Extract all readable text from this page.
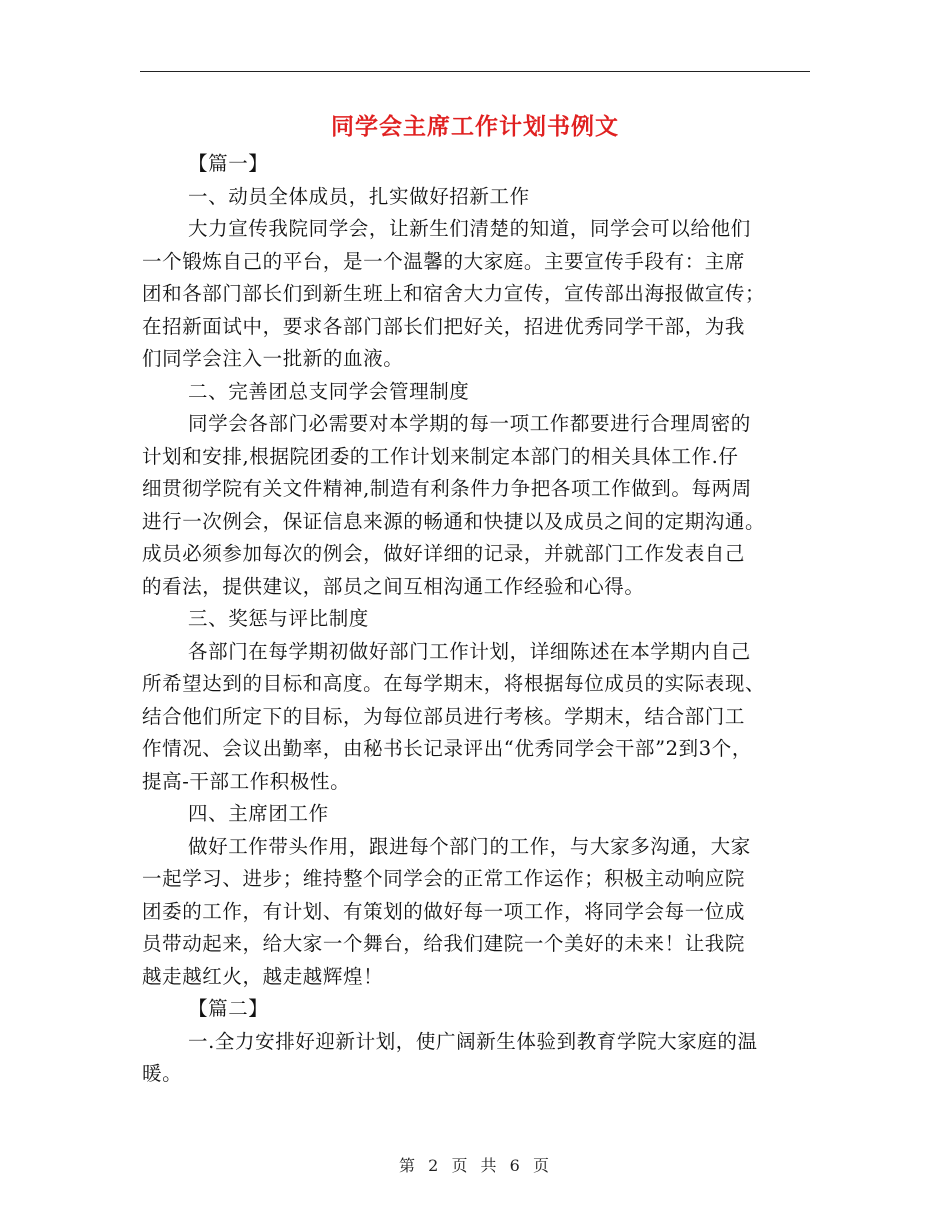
同学会主席工作计划书例文
【篇一】
一、动员全体成员，扎实做好招新工作
大力宣传我院同学会，让新生们清楚的知道，同学会可以给他们
一个锻炼自己的平台，是一个温馨的大家庭。主要宣传手段有：主席
团和各部门部长们到新生班上和宿舍大力宣传，宣传部出海报做宣传；
在招新面试中，要求各部门部长们把好关，招进优秀同学干部，为我
们同学会注入一批新的血液。
二、完善团总支同学会管理制度
同学会各部门必需要对本学期的每一项工作都要进行合理周密的
计划和安排,根据院团委的工作计划来制定本部门的相关具体工作.仔
细贯彻学院有关文件精神,制造有利条件力争把各项工作做到。每两周
进行一次例会，保证信息来源的畅通和快捷以及成员之间的定期沟通。
成员必须参加每次的例会，做好详细的记录，并就部门工作发表自己
的看法，提供建议，部员之间互相沟通工作经验和心得。
三、奖惩与评比制度
各部门在每学期初做好部门工作计划，详细陈述在本学期内自己
所希望达到的目标和高度。在每学期末，将根据每位成员的实际表现、
结合他们所定下的目标，为每位部员进行考核。学期末，结合部门工
作情况、会议出勤率，由秘书长记录评出“优秀同学会干部”2到3个，
提高-干部工作积极性。
四、主席团工作
做好工作带头作用，跟进每个部门的工作，与大家多沟通，大家
一起学习、进步；维持整个同学会的正常工作运作；积极主动响应院
团委的工作，有计划、有策划的做好每一项工作，将同学会每一位成
员带动起来，给大家一个舞台，给我们建院一个美好的未来！让我院
越走越红火，越走越辉煌！
【篇二】
一.全力安排好迎新计划，使广阔新生体验到教育学院大家庭的温
暖。
第 2 页 共 6 页
